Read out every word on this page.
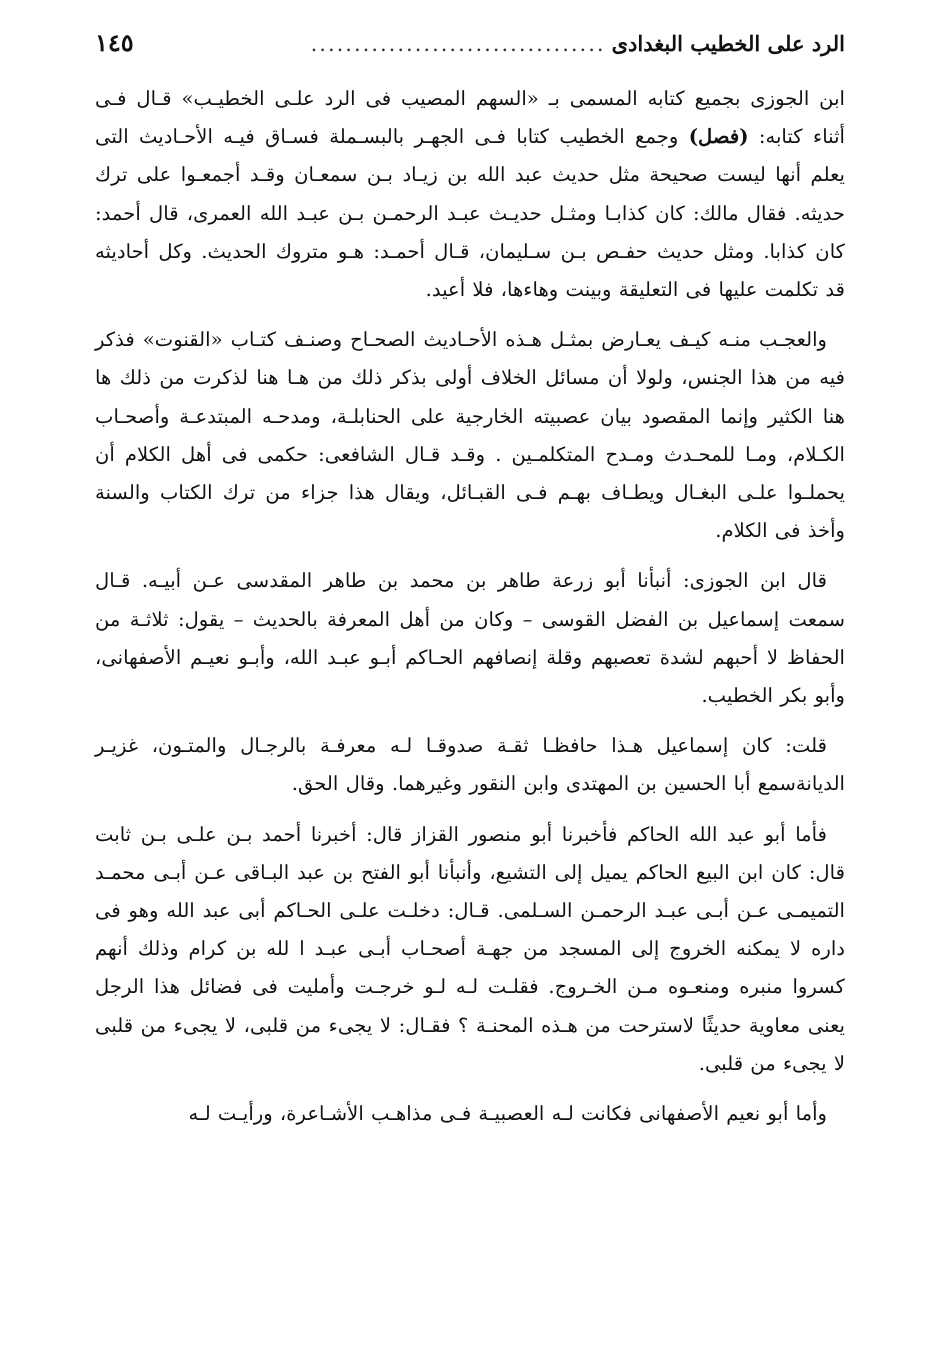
الرد على الخطيب البغدادى
..................................
١٤٥

ابن الجوزى بجميع كتابه المسمى بـ «السهم المصيب فى الرد علـى الخطيـب» قـال فـى أثناء كتابه: (فصل) وجمع الخطيب كتابا فـى الجهـر بالبسـملة فسـاق فيـه الأحـاديث التى يعلم أنها ليست صحيحة مثل حديث عبد الله بن زيـاد بـن سمعـان وقـد أجمعـوا على ترك حديثه. فقال مالك: كان كذابـا ومثـل حديـث عبـد الرحمـن بـن عبـد الله العمرى، قال أحمد: كان كذابا. ومثل حديث حفـص بـن سـليمان، قـال أحمـد: هـو متروك الحديث. وكل أحاديثه قد تكلمت عليها فى التعليقة وبينت وهاءها، فلا أعيد.

والعجـب منـه كيـف يعـارض بمثـل هـذه الأحـاديث الصحـاح وصنـف كتـاب «القنوت» فذكر فيه من هذا الجنس، ولولا أن مسائل الخلاف أولى بذكر ذلك من هـا هنا لذكرت من ذلك ها هنا الكثير وإنما المقصود بيان عصبيته الخارجية على الحنابلـة، ومدحـه المبتدعـة وأصحـاب الكـلام، ومـا للمحـدث ومـدح المتكلمـين . وقـد قـال الشافعى: حكمى فى أهل الكلام أن يحملـوا علـى البغـال ويطـاف بهـم فـى القبـائل، ويقال هذا جزاء من ترك الكتاب والسنة وأخذ فى الكلام.

قال ابن الجوزى: أنبأنا أبو زرعة طاهر بن محمد بن طاهر المقدسى عـن أبيـه. قـال سمعت إسماعيل بن الفضل القوسى – وكان من أهل المعرفة بالحديث – يقول: ثلاثـة من الحفاظ لا أحبهم لشدة تعصبهم وقلة إنصافهم الحـاكم أبـو عبـد الله، وأبـو نعيـم الأصفهانى، وأبو بكر الخطيب.

قلت: كان إسماعيل هـذا حافظـا ثقـة صدوقـا لـه معرفـة بالرجـال والمتـون، غزيـر الديانةسمع أبا الحسين بن المهتدى وابن النقور وغيرهما. وقال الحق.

فأما أبو عبد الله الحاكم فأخبرنا أبو منصور القزاز قال: أخبرنا أحمد بـن علـى بـن ثابت قال: كان ابن البيع الحاكم يميل إلى التشيع، وأنبأنا أبو الفتح بن عبد البـاقى عـن أبـى محمـد التميمـى عـن أبـى عبـد الرحمـن السـلمى. قـال: دخلـت علـى الحـاكم أبى عبد الله وهو فى داره لا يمكنه الخروج إلى المسجد من جهـة أصحـاب أبـى عبـد ا لله بن كرام وذلك أنهم كسروا منبره ومنعـوه مـن الخـروج. فقلـت لـه لـو خرجـت وأمليت فى فضائل هذا الرجل يعنى معاوية حديثًا لاسترحت من هـذه المحنـة ؟ فقـال: لا يجىء من قلبى، لا يجىء من قلبى لا يجىء من قلبى.

وأما أبو نعيم الأصفهانى فكانت لـه العصبيـة فـى مذاهـب الأشـاعرة، ورأيـت لـه
